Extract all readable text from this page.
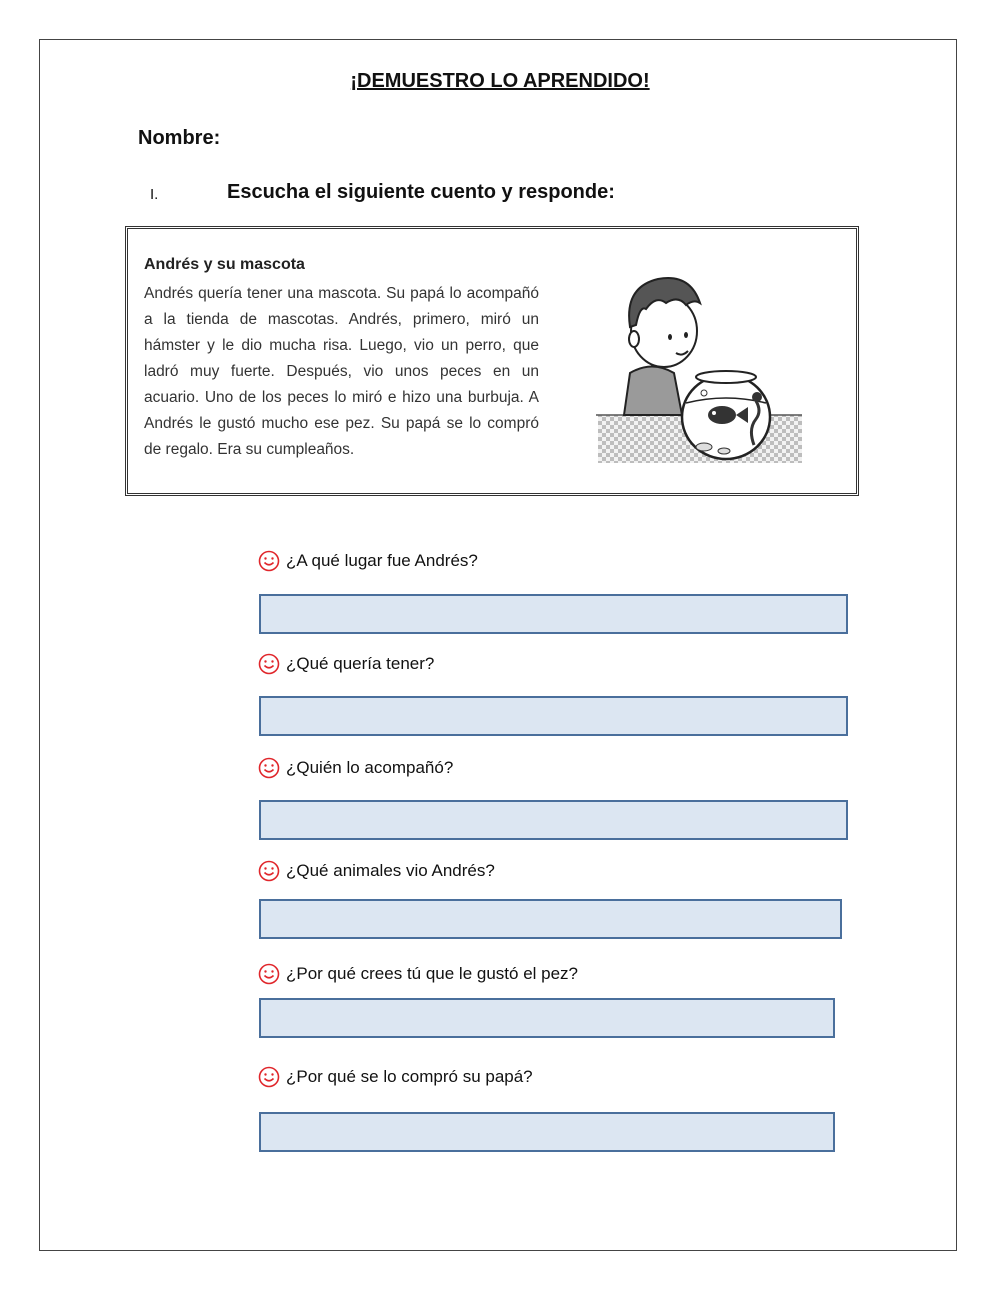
¡DEMUESTRO LO APRENDIDO!
Nombre:
I.	Escucha el siguiente cuento y responde:
Andrés y su mascota

Andrés quería tener una mascota. Su papá lo acompañó a la tienda de mascotas. Andrés, primero, miró un hámster y le dio mucha risa. Luego, vio un perro, que ladró muy fuerte. Después, vio unos peces en un acuario. Uno de los peces lo miró e hizo una burbuja. A Andrés le gustó mucho ese pez. Su papá se lo compró de regalo. Era su cumpleaños.

¿A qué lugar fue Andrés?
¿Qué quería tener?
¿Quién lo acompañó?
¿Qué animales vio Andrés?
¿Por qué crees tú que le gustó el pez?
¿Por qué se lo compró su papá?
